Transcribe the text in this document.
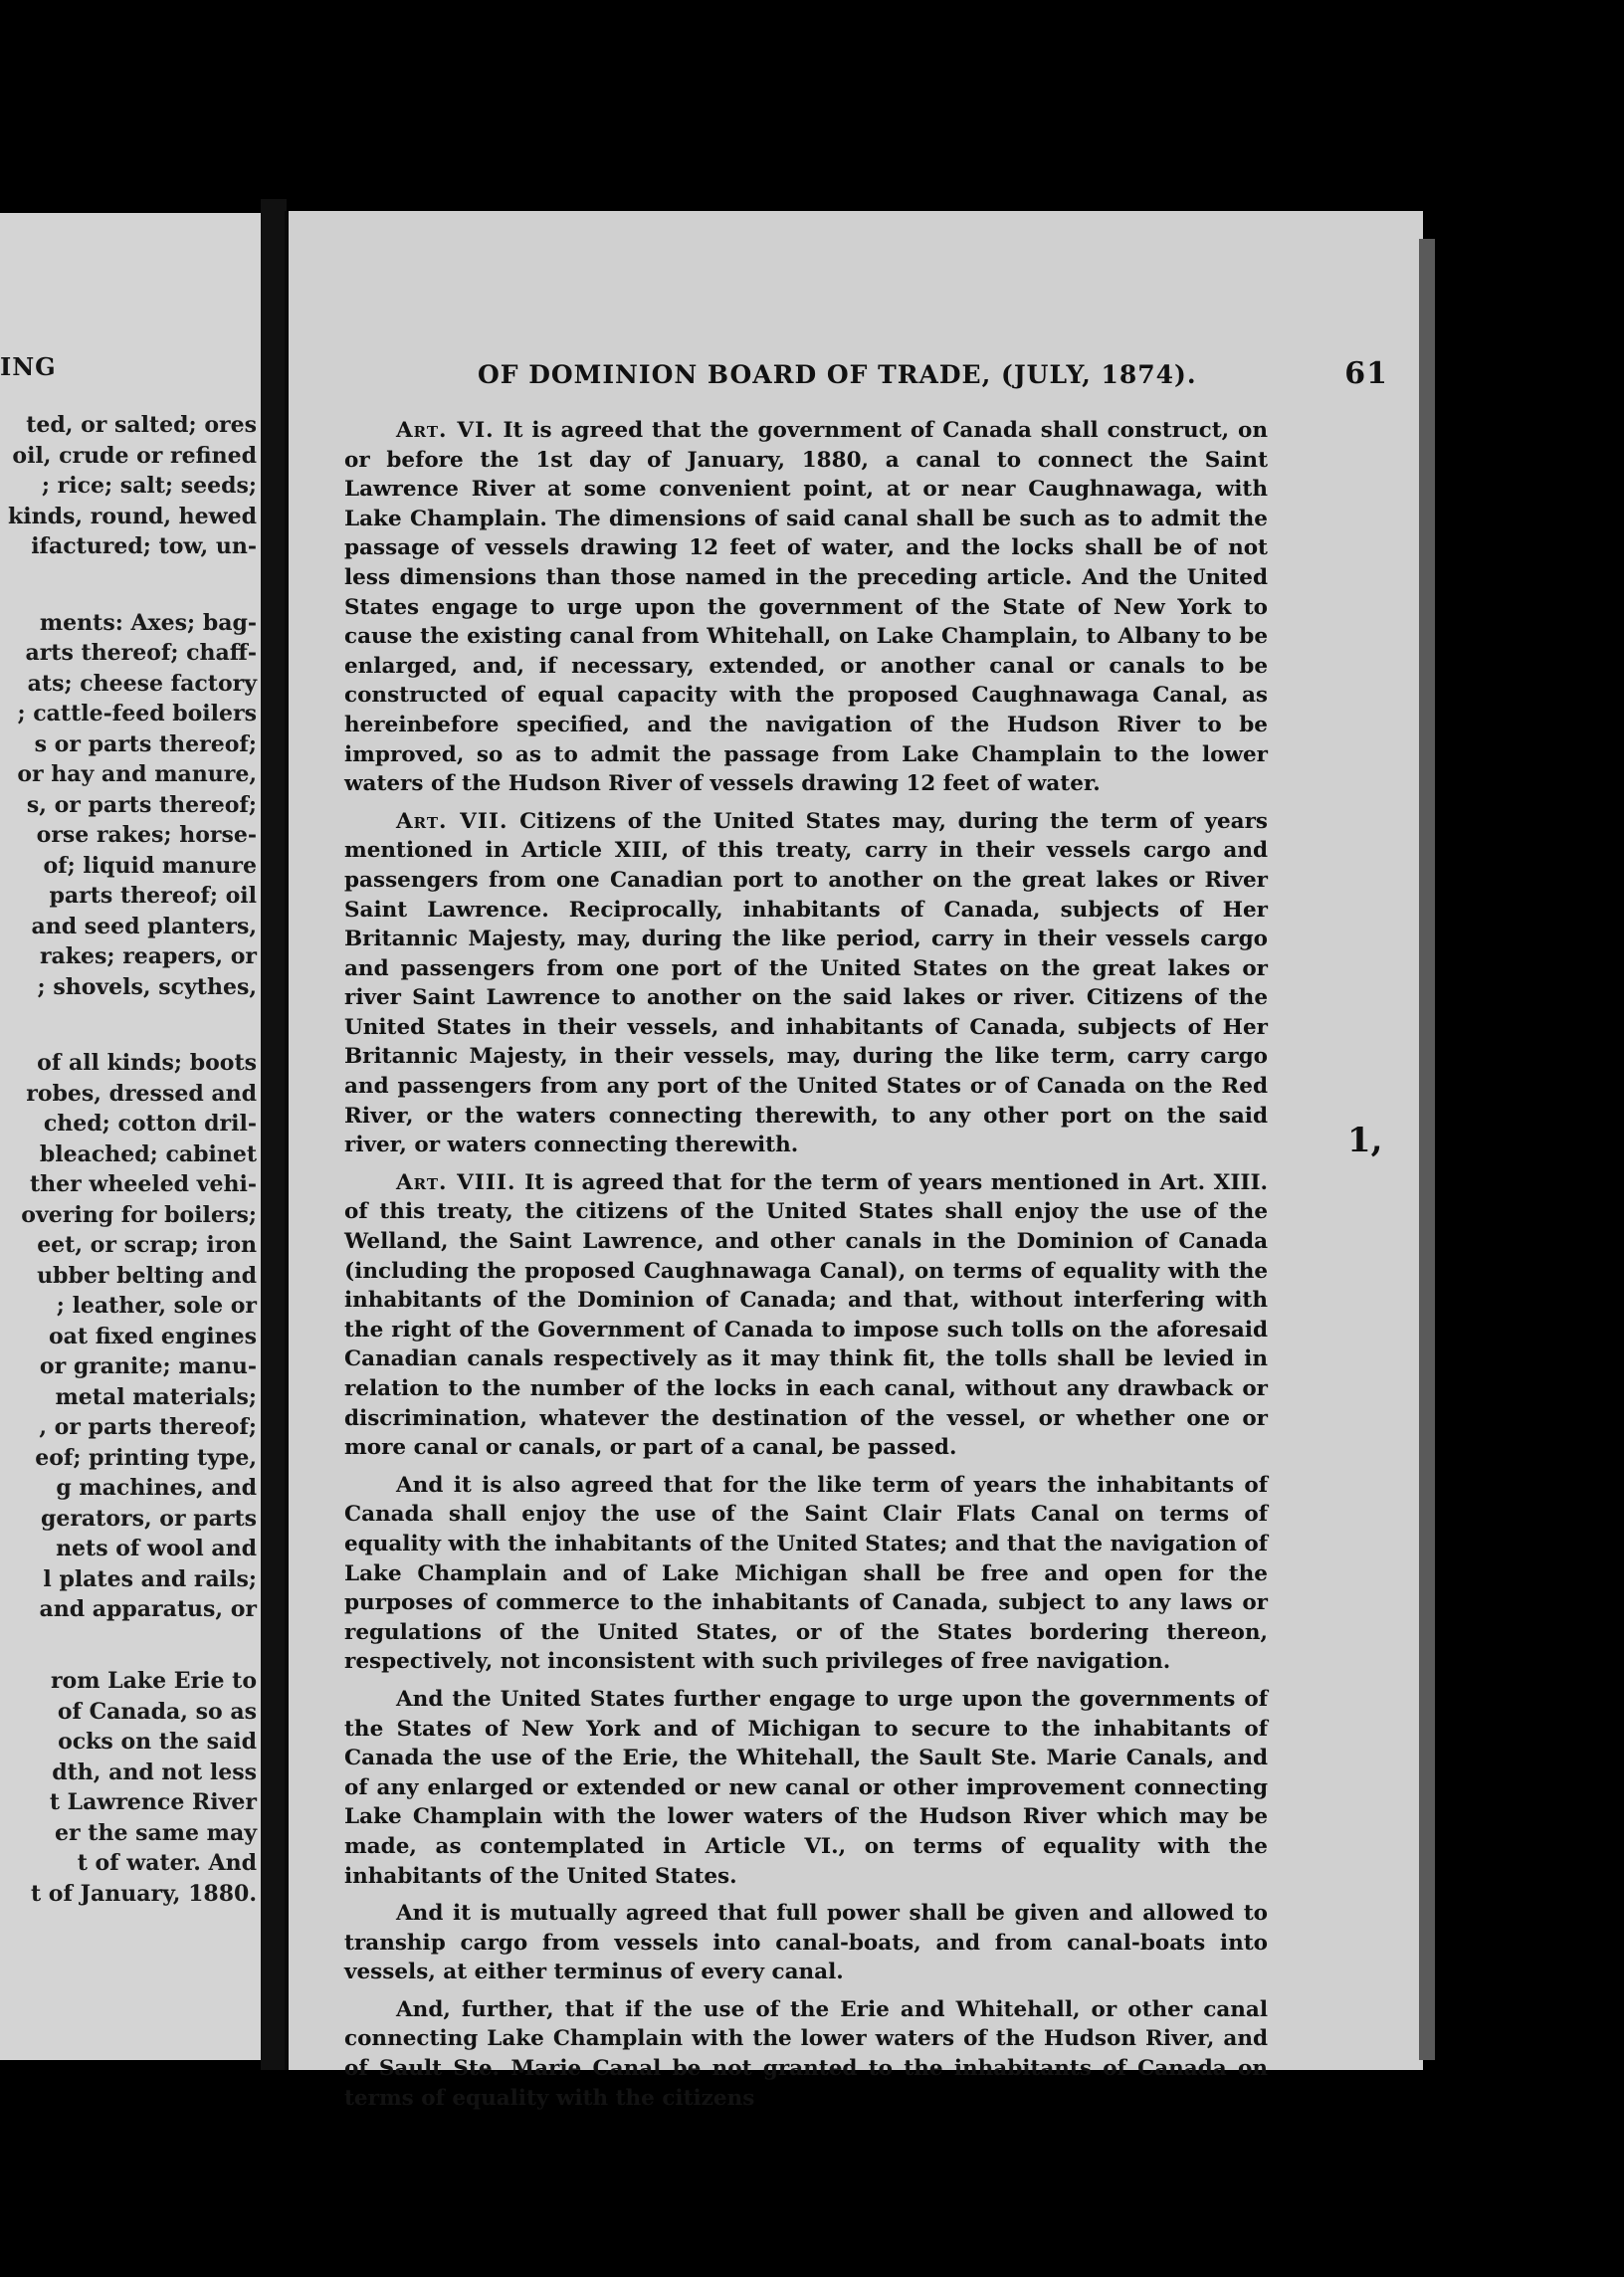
ING
ted, or salted; ores
oil, crude or refined
; rice; salt; seeds;
kinds, round, hewed
ifactured; tow, un-
ments: Axes; bag-
arts thereof; chaff-
ats; cheese factory
; cattle-feed boilers
s or parts thereof;
or hay and manure,
s, or parts thereof;
orse rakes; horse-
of; liquid manure
parts thereof; oil
and seed planters,
rakes; reapers, or
; shovels, scythes,
of all kinds; boots
robes, dressed and
ched; cotton dril-
bleached; cabinet
ther wheeled vehi-
overing for boilers;
eet, or scrap; iron
ubber belting and
; leather, sole or
oat fixed engines
or granite; manu-
metal materials;
, or parts thereof;
eof; printing type,
g machines, and
gerators, or parts
nets of wool and
l plates and rails;
and apparatus, or
rom Lake Erie to
of Canada, so as
ocks on the said
dth, and not less
t Lawrence River
er the same may
t of water. And
t of January, 1880.
OF DOMINION BOARD OF TRADE, (JULY, 1874).	61

Art. VI. It is agreed that the government of Canada shall construct, on or before the 1st day of January, 1880, a canal to connect the Saint Lawrence River at some convenient point, at or near Caughnawaga, with Lake Champlain. The dimensions of said canal shall be such as to admit the passage of vessels drawing 12 feet of water, and the locks shall be of not less dimensions than those named in the preceding article. And the United States engage to urge upon the government of the State of New York to cause the existing canal from Whitehall, on Lake Champlain, to Albany to be enlarged, and, if necessary, extended, or another canal or canals to be constructed of equal capacity with the proposed Caughnawaga Canal, as hereinbefore specified, and the navigation of the Hudson River to be improved, so as to admit the passage from Lake Champlain to the lower waters of the Hudson River of vessels drawing 12 feet of water.

Art. VII. Citizens of the United States may, during the term of years mentioned in Article XIII, of this treaty, carry in their vessels cargo and passengers from one Canadian port to another on the great lakes or River Saint Lawrence. Reciprocally, inhabitants of Canada, subjects of Her Britannic Majesty, may, during the like period, carry in their vessels cargo and passengers from one port of the United States on the great lakes or river Saint Lawrence to another on the said lakes or river. Citizens of the United States in their vessels, and inhabitants of Canada, subjects of Her Britannic Majesty, in their vessels, may, during the like term, carry cargo and passengers from any port of the United States or of Canada on the Red River, or the waters connecting therewith, to any other port on the said river, or waters connecting therewith.

Art. VIII. It is agreed that for the term of years mentioned in Art. XIII. of this treaty, the citizens of the United States shall enjoy the use of the Welland, the Saint Lawrence, and other canals in the Dominion of Canada (including the proposed Caughnawaga Canal), on terms of equality with the inhabitants of the Dominion of Canada; and that, without interfering with the right of the Government of Canada to impose such tolls on the aforesaid Canadian canals respectively as it may think fit, the tolls shall be levied in relation to the number of the locks in each canal, without any drawback or discrimination, whatever the destination of the vessel, or whether one or more canal or canals, or part of a canal, be passed.

And it is also agreed that for the like term of years the inhabitants of Canada shall enjoy the use of the Saint Clair Flats Canal on terms of equality with the inhabitants of the United States; and that the navigation of Lake Champlain and of Lake Michigan shall be free and open for the purposes of commerce to the inhabitants of Canada, subject to any laws or regulations of the United States, or of the States bordering thereon, respectively, not inconsistent with such privileges of free navigation.

And the United States further engage to urge upon the governments of the States of New York and of Michigan to secure to the inhabitants of Canada the use of the Erie, the Whitehall, the Sault Ste. Marie Canals, and of any enlarged or extended or new canal or other improvement connecting Lake Champlain with the lower waters of the Hudson River which may be made, as contemplated in Article VI., on terms of equality with the inhabitants of the United States.

And it is mutually agreed that full power shall be given and allowed to tranship cargo from vessels into canal-boats, and from canal-boats into vessels, at either terminus of every canal.

And, further, that if the use of the Erie and Whitehall, or other canal connecting Lake Champlain with the lower waters of the Hudson River, and of Sault Ste. Marie Canal be not granted to the inhabitants of Canada on terms of equality with the citizens

1,
